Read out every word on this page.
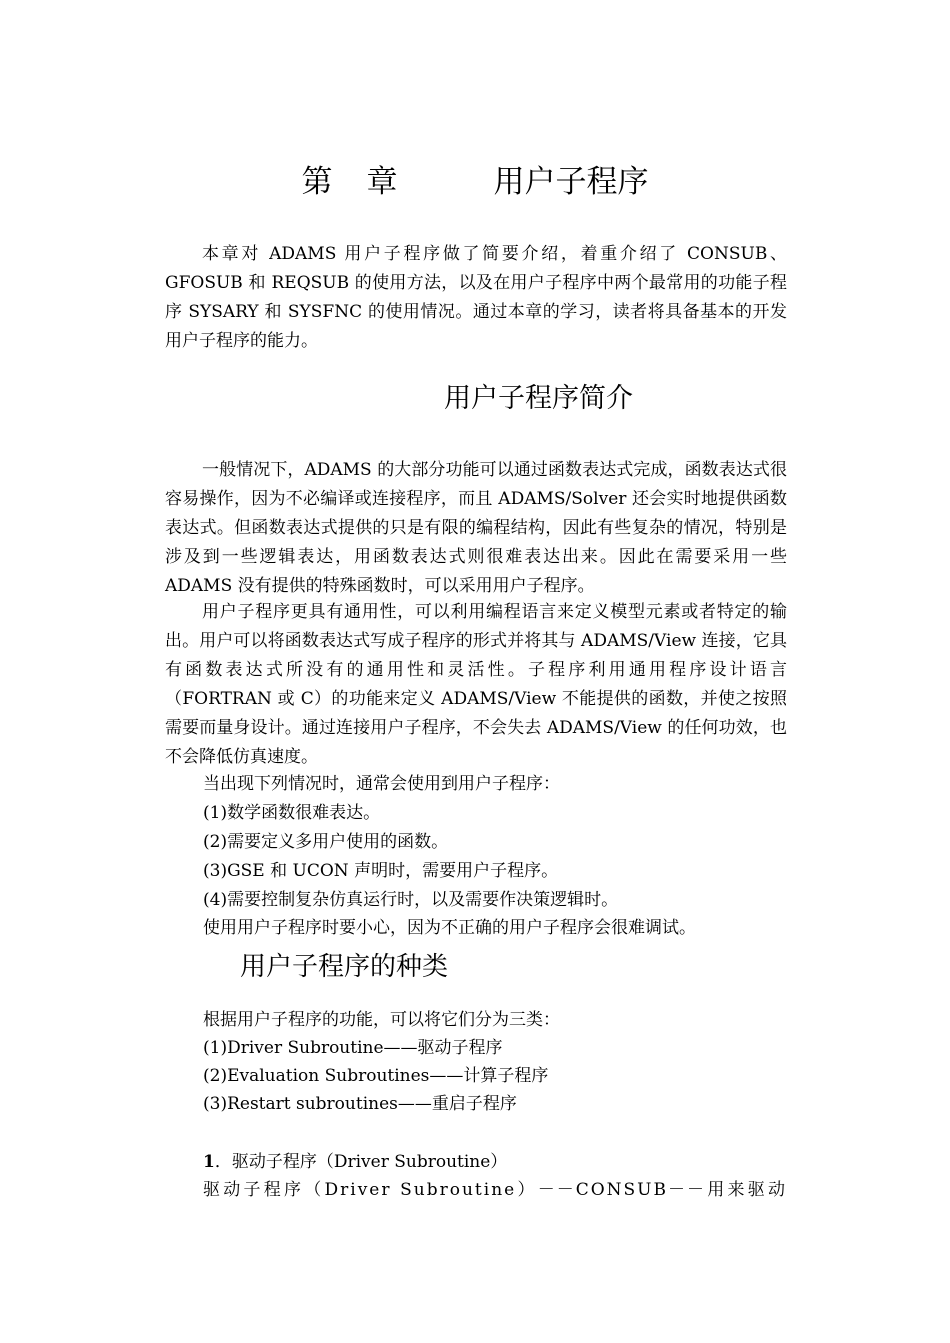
第 章	用户子程序

本章对 ADAMS 用户子程序做了简要介绍，着重介绍了 CONSUB、GFOSUB 和 REQSUB 的使用方法，以及在用户子程序中两个最常用的功能子程序 SYSARY 和 SYSFNC 的使用情况。通过本章的学习，读者将具备基本的开发用户子程序的能力。

用户子程序简介

一般情况下，ADAMS 的大部分功能可以通过函数表达式完成，函数表达式很容易操作，因为不必编译或连接程序，而且 ADAMS/Solver 还会实时地提供函数表达式。但函数表达式提供的只是有限的编程结构，因此有些复杂的情况，特别是涉及到一些逻辑表达，用函数表达式则很难表达出来。因此在需要采用一些 ADAMS 没有提供的特殊函数时，可以采用用户子程序。

用户子程序更具有通用性，可以利用编程语言来定义模型元素或者特定的输出。用户可以将函数表达式写成子程序的形式并将其与 ADAMS/View 连接，它具有函数表达式所没有的通用性和灵活性。子程序利用通用程序设计语言（FORTRAN 或 C）的功能来定义 ADAMS/View 不能提供的函数，并使之按照需要而量身设计。通过连接用户子程序，不会失去 ADAMS/View 的任何功效，也不会降低仿真速度。

当出现下列情况时，通常会使用到用户子程序：
(1)数学函数很难表达。
(2)需要定义多用户使用的函数。
(3)GSE 和 UCON 声明时，需要用户子程序。
(4)需要控制复杂仿真运行时，以及需要作决策逻辑时。
使用用户子程序时要小心，因为不正确的用户子程序会很难调试。
用户子程序的种类
根据用户子程序的功能，可以将它们分为三类：
(1)Driver Subroutine——驱动子程序
(2)Evaluation Subroutines——计算子程序
(3)Restart subroutines——重启子程序
1．驱动子程序（Driver Subroutine）
驱动子程序（Driver Subroutine）－－CONSUB－－用来驱动
